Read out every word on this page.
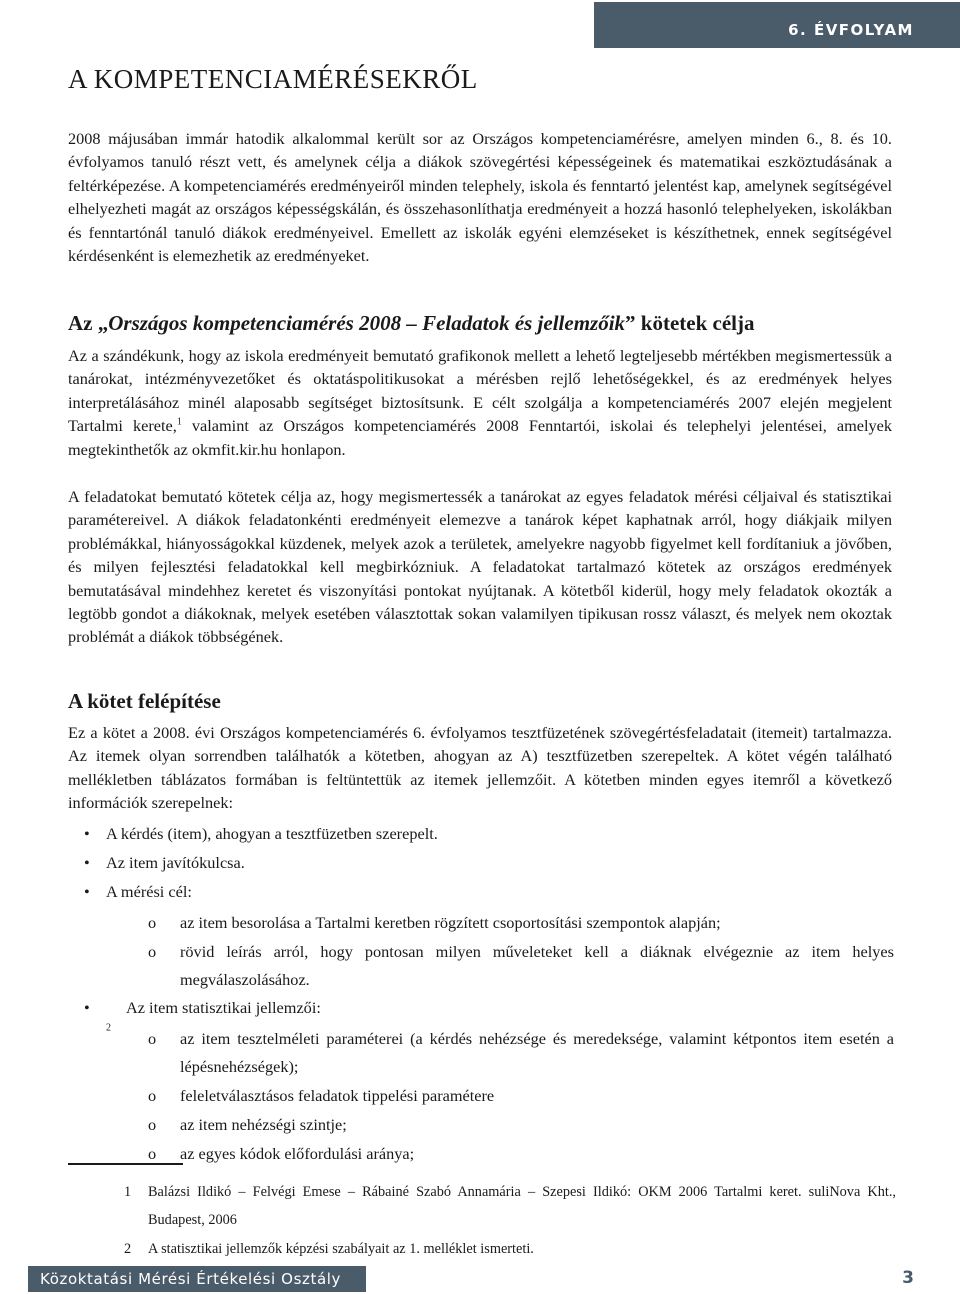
6. ÉVFOLYAM
A KOMPETENCIAMÉRÉSEKRŐL

2008 májusában immár hatodik alkalommal került sor az Országos kompetenciamérésre, amelyen minden 6., 8. és 10. évfolyamos tanuló részt vett, és amelynek célja a diákok szövegértési képességeinek és matematikai eszköztudásának a feltérképezése. A kompetenciamérés eredményeiről minden telephely, iskola és fenntartó jelentést kap, amelynek segítségével elhelyezheti magát az országos képességskálán, és összehasonlíthatja eredményeit a hozzá hasonló telephelyeken, iskolákban és fenntartónál tanuló diákok eredményeivel. Emellett az iskolák egyéni elemzéseket is készíthetnek, ennek segítségével kérdésenként is elemezhetik az eredményeket.

Az „Országos kompetenciamérés 2008 – Feladatok és jellemzőik” kötetek célja

Az a szándékunk, hogy az iskola eredményeit bemutató grafikonok mellett a lehető legteljesebb mértékben megismertessük a tanárokat, intézményvezetőket és oktatáspolitikusokat a mérésben rejlő lehetőségekkel, és az eredmények helyes interpretálásához minél alaposabb segítséget biztosítsunk. E célt szolgálja a kompetenciamérés 2007 elején megjelent Tartalmi kerete,$^1$ valamint az Országos kompetenciamérés 2008 Fenntartói, iskolai és telephelyi jelentései, amelyek megtekinthetők az okmfit.kir.hu honlapon.

A feladatokat bemutató kötetek célja az, hogy megismertessék a tanárokat az egyes feladatok mérési céljaival és statisztikai paramétereivel. A diákok feladatonkénti eredményeit elemezve a tanárok képet kaphatnak arról, hogy diákjaik milyen problémákkal, hiányosságokkal küzdenek, melyek azok a területek, amelyekre nagyobb figyelmet kell fordítaniuk a jövőben, és milyen fejlesztési feladatokkal kell megbirkózniuk. A feladatokat tartalmazó kötetek az országos eredmények bemutatásával mindehhez keretet és viszonyítási pontokat nyújtanak. A kötetből kiderül, hogy mely feladatok okozták a legtöbb gondot a diákoknak, melyek esetében választottak sokan valamilyen tipikusan rossz választ, és melyek nem okoztak problémát a diákok többségének.

A kötet felépítése

Ez a kötet a 2008. évi Országos kompetenciamérés 6. évfolyamos tesztfüzetének szövegértésfeladatait (itemeit) tartalmazza. Az itemek olyan sorrendben találhatók a kötetben, ahogyan az A) tesztfüzetben szerepeltek. A kötet végén található mellékletben táblázatos formában is feltüntettük az itemek jellemzőit. A kötetben minden egyes itemről a következő információk szerepelnek:

• A kérdés (item), ahogyan a tesztfüzetben szerepelt.
• Az item javítókulcsa.
• A mérési cél:
o az item besorolása a Tartalmi keretben rögzített csoportosítási szempontok alapján;
o rövid leírás arról, hogy pontosan milyen műveleteket kell a diáknak elvégeznie az item helyes megválaszolásához.
• Az item statisztikai jellemzői:
$^2$
o az item tesztelméleti paraméterei (a kérdés nehézsége és meredeksége, valamint kétpontos item esetén a lépésnehézségek);
o feleletválasztásos feladatok tippelési paramétere
o az item nehézségi szintje;
o az egyes kódok előfordulási aránya;
1 Balázsi Ildikó – Felvégi Emese – Rábainé Szabó Annamária – Szepesi Ildikó: OKM 2006 Tartalmi keret. suliNova Kht., Budapest, 2006
2 A statisztikai jellemzők képzési szabályait az 1. melléklet ismerteti.
Közoktatási Mérési Értékelési Osztály	3
